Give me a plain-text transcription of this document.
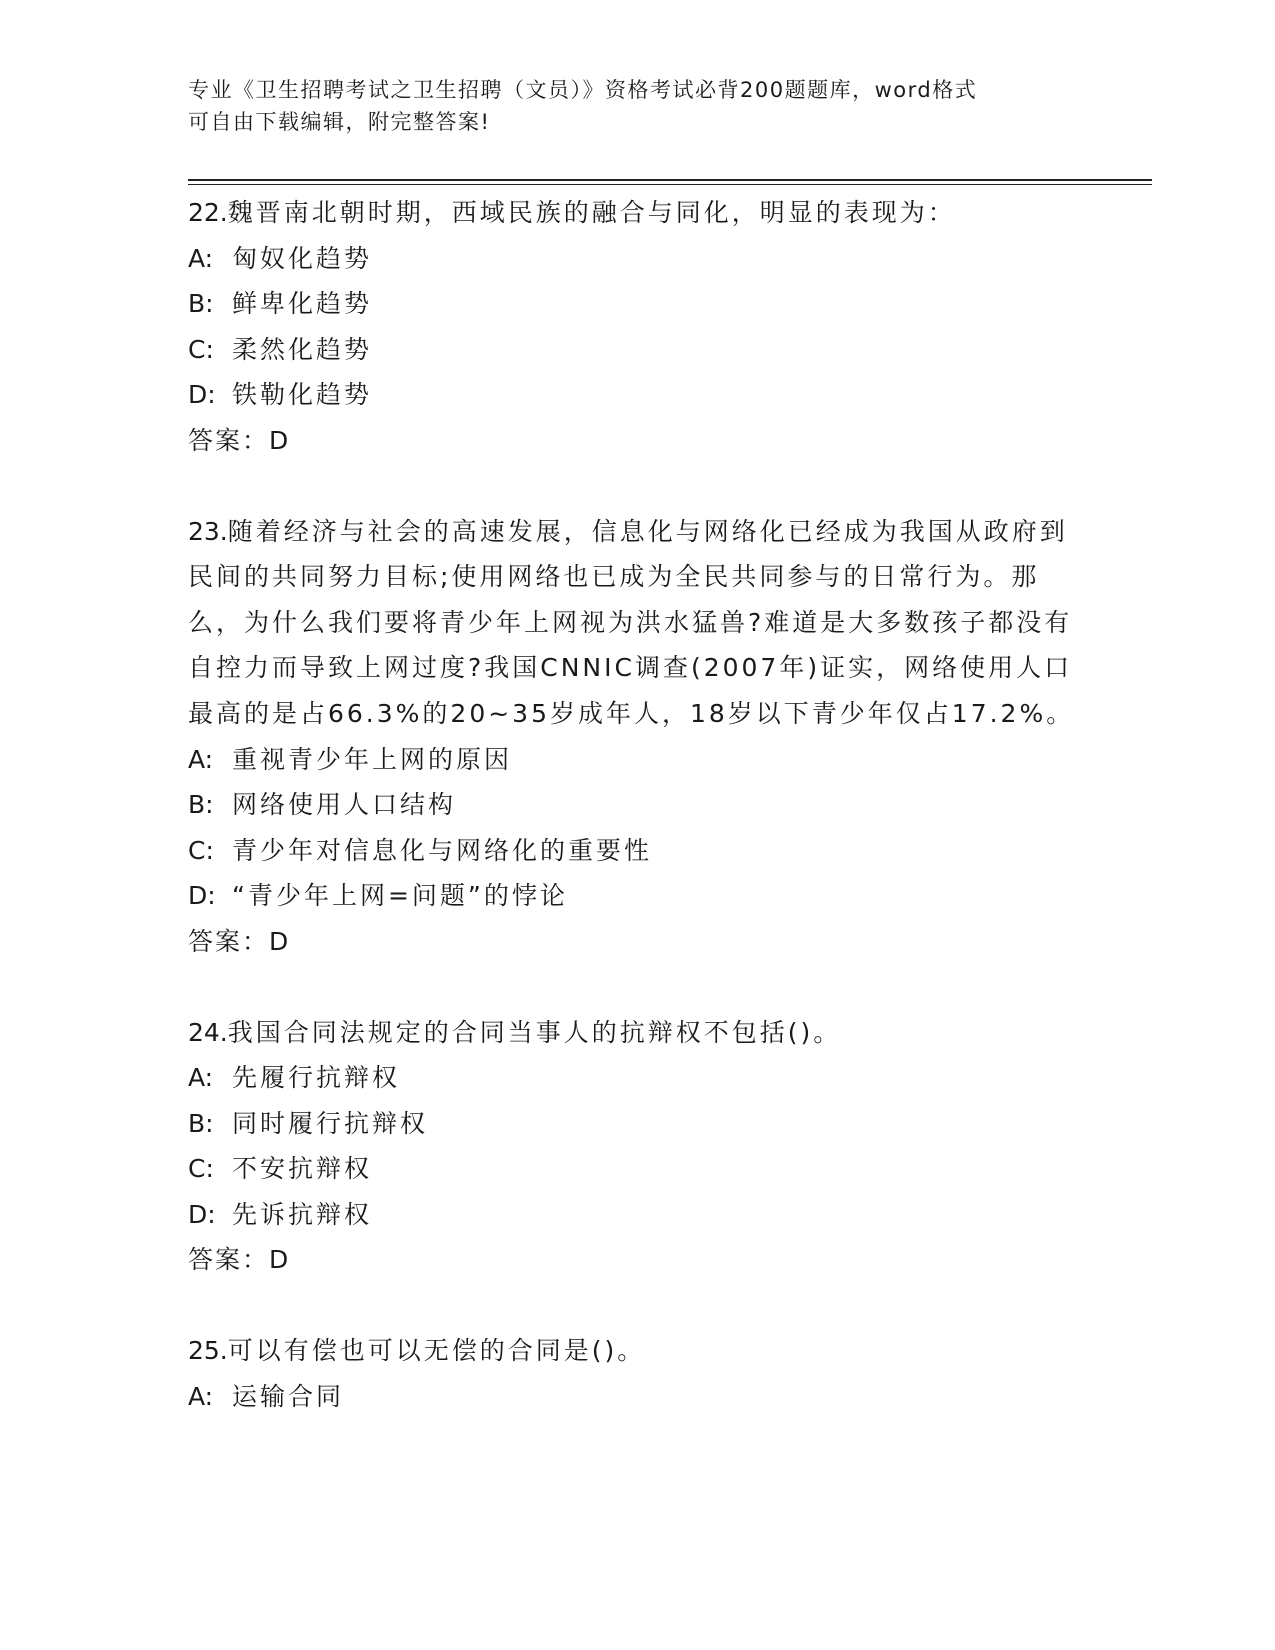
专业《卫生招聘考试之卫生招聘（文员）》资格考试必背200题题库，word格式
可自由下载编辑，附完整答案!
22.魏晋南北朝时期，西域民族的融合与同化，明显的表现为：
A: 匈奴化趋势
B: 鲜卑化趋势
C: 柔然化趋势
D: 铁勒化趋势
答案：D
23.随着经济与社会的高速发展，信息化与网络化已经成为我国从政府到民间的共同努力目标;使用网络也已成为全民共同参与的日常行为。那么，为什么我们要将青少年上网视为洪水猛兽?难道是大多数孩子都没有自控力而导致上网过度?我国CNNIC调查(2007年)证实，网络使用人口最高的是占66.3%的20~35岁成年人，18岁以下青少年仅占17.2%。
A: 重视青少年上网的原因
B: 网络使用人口结构
C: 青少年对信息化与网络化的重要性
D: “青少年上网=问题”的悖论
答案：D
24.我国合同法规定的合同当事人的抗辩权不包括()。
A: 先履行抗辩权
B: 同时履行抗辩权
C: 不安抗辩权
D: 先诉抗辩权
答案：D
25.可以有偿也可以无偿的合同是()。
A: 运输合同
